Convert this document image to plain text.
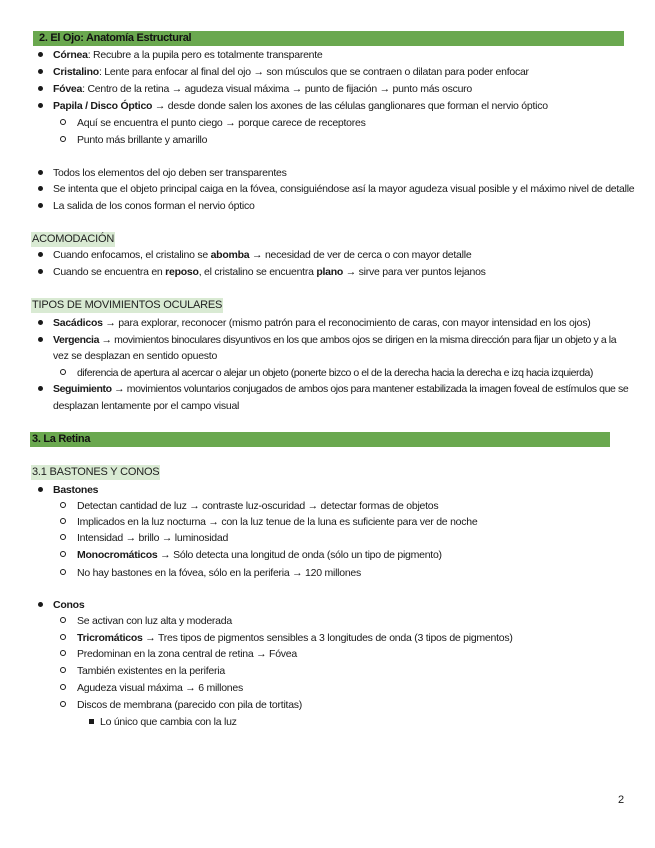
2. El Ojo: Anatomía Estructural
Córnea: Recubre a la pupila pero es totalmente transparente
Cristalino: Lente para enfocar al final del ojo → son músculos que se contraen o dilatan para poder enfocar
Fóvea: Centro de la retina → agudeza visual máxima → punto de fijación → punto más oscuro
Papila / Disco Óptico → desde donde salen los axones de las células ganglionares que forman el nervio óptico
Aquí se encuentra el punto ciego → porque carece de receptores
Punto más brillante y amarillo
Todos los elementos del ojo deben ser transparentes
Se intenta que el objeto principal caiga en la fóvea, consiguiéndose así la mayor agudeza visual posible y el máximo nivel de detalle
La salida de los conos forman el nervio óptico
ACOMODACIÓN
Cuando enfocamos, el cristalino se abomba → necesidad de ver de cerca o con mayor detalle
Cuando se encuentra en reposo, el cristalino se encuentra plano → sirve para ver puntos lejanos
TIPOS DE MOVIMIENTOS OCULARES
Sacádicos → para explorar, reconocer (mismo patrón para el reconocimiento de caras, con mayor intensidad en los ojos)
Vergencia → movimientos binoculares disyuntivos en los que ambos ojos se dirigen en la misma dirección para fijar un objeto y a la
vez se desplazan en sentido opuesto
diferencia de apertura al acercar o alejar un objeto (ponerte bizco o el de la derecha hacia la derecha e izq hacia izquierda)
Seguimiento → movimientos voluntarios conjugados de ambos ojos para mantener estabilizada la imagen foveal de estímulos que se
desplazan lentamente por el campo visual
3. La Retina
3.1 BASTONES Y CONOS
Bastones
Detectan cantidad de luz → contraste luz-oscuridad → detectar formas de objetos
Implicados en la luz nocturna → con la luz tenue de la luna es suficiente para ver de noche
Intensidad → brillo → luminosidad
Monocromáticos → Sólo detecta una longitud de onda (sólo un tipo de pigmento)
No hay bastones en la fóvea, sólo en la periferia → 120 millones
Conos
Se activan con luz alta y moderada
Tricromáticos → Tres tipos de pigmentos sensibles a 3 longitudes de onda (3 tipos de pigmentos)
Predominan en la zona central de retina → Fóvea
También existentes en la periferia
Agudeza visual máxima → 6 millones
Discos de membrana (parecido con pila de tortitas)
Lo único que cambia con la luz
2
